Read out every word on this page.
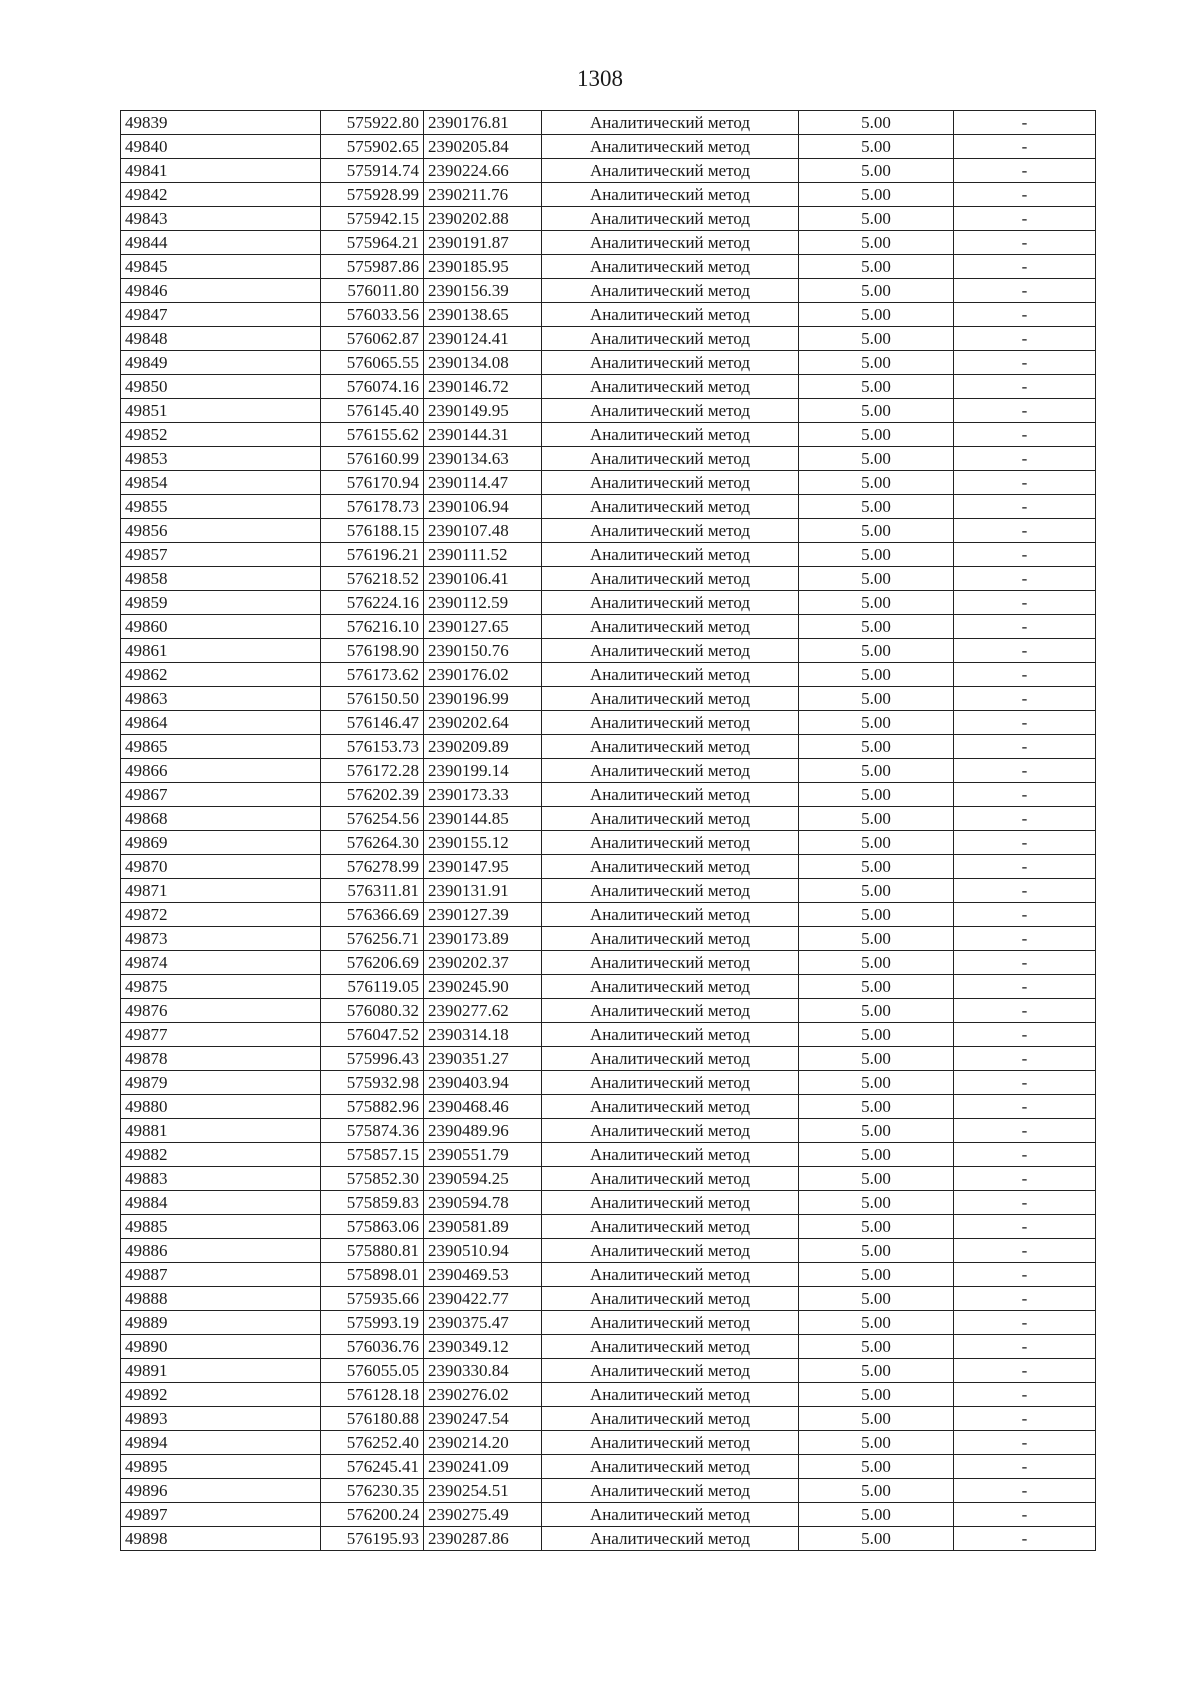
1308
49839	575922.80	2390176.81	Аналитический метод	5.00	-
49840	575902.65	2390205.84	Аналитический метод	5.00	-
49841	575914.74	2390224.66	Аналитический метод	5.00	-
49842	575928.99	2390211.76	Аналитический метод	5.00	-
49843	575942.15	2390202.88	Аналитический метод	5.00	-
49844	575964.21	2390191.87	Аналитический метод	5.00	-
49845	575987.86	2390185.95	Аналитический метод	5.00	-
49846	576011.80	2390156.39	Аналитический метод	5.00	-
49847	576033.56	2390138.65	Аналитический метод	5.00	-
49848	576062.87	2390124.41	Аналитический метод	5.00	-
49849	576065.55	2390134.08	Аналитический метод	5.00	-
49850	576074.16	2390146.72	Аналитический метод	5.00	-
49851	576145.40	2390149.95	Аналитический метод	5.00	-
49852	576155.62	2390144.31	Аналитический метод	5.00	-
49853	576160.99	2390134.63	Аналитический метод	5.00	-
49854	576170.94	2390114.47	Аналитический метод	5.00	-
49855	576178.73	2390106.94	Аналитический метод	5.00	-
49856	576188.15	2390107.48	Аналитический метод	5.00	-
49857	576196.21	2390111.52	Аналитический метод	5.00	-
49858	576218.52	2390106.41	Аналитический метод	5.00	-
49859	576224.16	2390112.59	Аналитический метод	5.00	-
49860	576216.10	2390127.65	Аналитический метод	5.00	-
49861	576198.90	2390150.76	Аналитический метод	5.00	-
49862	576173.62	2390176.02	Аналитический метод	5.00	-
49863	576150.50	2390196.99	Аналитический метод	5.00	-
49864	576146.47	2390202.64	Аналитический метод	5.00	-
49865	576153.73	2390209.89	Аналитический метод	5.00	-
49866	576172.28	2390199.14	Аналитический метод	5.00	-
49867	576202.39	2390173.33	Аналитический метод	5.00	-
49868	576254.56	2390144.85	Аналитический метод	5.00	-
49869	576264.30	2390155.12	Аналитический метод	5.00	-
49870	576278.99	2390147.95	Аналитический метод	5.00	-
49871	576311.81	2390131.91	Аналитический метод	5.00	-
49872	576366.69	2390127.39	Аналитический метод	5.00	-
49873	576256.71	2390173.89	Аналитический метод	5.00	-
49874	576206.69	2390202.37	Аналитический метод	5.00	-
49875	576119.05	2390245.90	Аналитический метод	5.00	-
49876	576080.32	2390277.62	Аналитический метод	5.00	-
49877	576047.52	2390314.18	Аналитический метод	5.00	-
49878	575996.43	2390351.27	Аналитический метод	5.00	-
49879	575932.98	2390403.94	Аналитический метод	5.00	-
49880	575882.96	2390468.46	Аналитический метод	5.00	-
49881	575874.36	2390489.96	Аналитический метод	5.00	-
49882	575857.15	2390551.79	Аналитический метод	5.00	-
49883	575852.30	2390594.25	Аналитический метод	5.00	-
49884	575859.83	2390594.78	Аналитический метод	5.00	-
49885	575863.06	2390581.89	Аналитический метод	5.00	-
49886	575880.81	2390510.94	Аналитический метод	5.00	-
49887	575898.01	2390469.53	Аналитический метод	5.00	-
49888	575935.66	2390422.77	Аналитический метод	5.00	-
49889	575993.19	2390375.47	Аналитический метод	5.00	-
49890	576036.76	2390349.12	Аналитический метод	5.00	-
49891	576055.05	2390330.84	Аналитический метод	5.00	-
49892	576128.18	2390276.02	Аналитический метод	5.00	-
49893	576180.88	2390247.54	Аналитический метод	5.00	-
49894	576252.40	2390214.20	Аналитический метод	5.00	-
49895	576245.41	2390241.09	Аналитический метод	5.00	-
49896	576230.35	2390254.51	Аналитический метод	5.00	-
49897	576200.24	2390275.49	Аналитический метод	5.00	-
49898	576195.93	2390287.86	Аналитический метод	5.00	-
